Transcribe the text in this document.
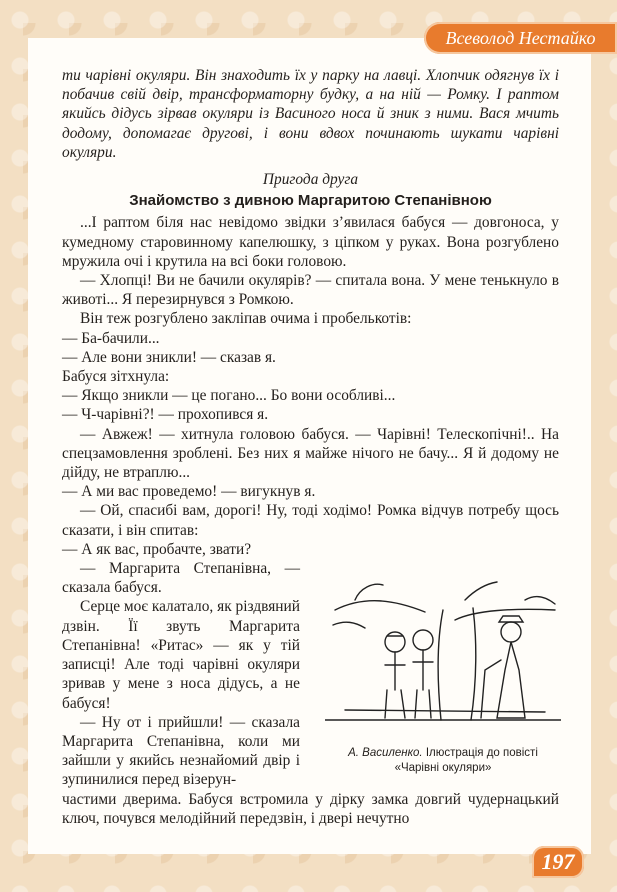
Всеволод Нестайко

ти чарівні окуляри. Він знаходить їх у парку на лавці. Хлопчик одягнув їх і побачив свій двір, трансформаторну будку, а на ній — Ромку. І раптом якийсь дідусь зірвав окуляри із Васиного носа й зник з ними. Вася мчить додому, допомагає другові, і вони вдвох починають шукати чарівні окуляри.

Пригода друга
Знайомство з дивною Маргаритою Степанівною

...І раптом біля нас невідомо звідки з’явилася бабуся — довгоноса, у кумедному старовинному капелюшку, з ціпком у руках. Вона розгублено мружила очі і крутила на всі боки головою.

— Хлопці! Ви не бачили окулярів? — спитала вона. У мене тенькнуло в животі... Я перезирнувся з Ромкою.

Він теж розгублено закліпав очима і пробелькотів:

— Ба-бачили...

— Але вони зникли! — сказав я.

Бабуся зітхнула:

— Якщо зникли — це погано... Бо вони особливі...

— Ч-чарівні?! — прохопився я.

— Авжеж! — хитнула головою бабуся. — Чарівні! Телескопічні!.. На спецзамовлення зроблені. Без них я майже нічого не бачу... Я й додому не дійду, не втраплю...

— А ми вас проведемо! — вигукнув я.

— Ой, спасибі вам, дорогі! Ну, тоді ходімо! Ромка відчув потребу щось сказати, і він спитав:

— А як вас, пробачте, звати?

— Маргарита Степанівна, — сказала бабуся.

Серце моє калатало, як різдвяний дзвін. Її звуть Маргарита Степанівна! «Ритас» — як у тій записці! Але тоді чарівні окуляри зривав у мене з носа дідусь, а не бабуся!

— Ну от і прийшли! — сказала Маргарита Степанівна, коли ми зайшли у якийсь незнайомий двір і зупинилися перед візерун-

частими дверима. Бабуся встромила у дірку замка довгий чудернацький ключ, почувся мелодійний передзвін, і двері нечутно

А. Василенко. Ілюстрація до повісті «Чарівні окуляри»
197
